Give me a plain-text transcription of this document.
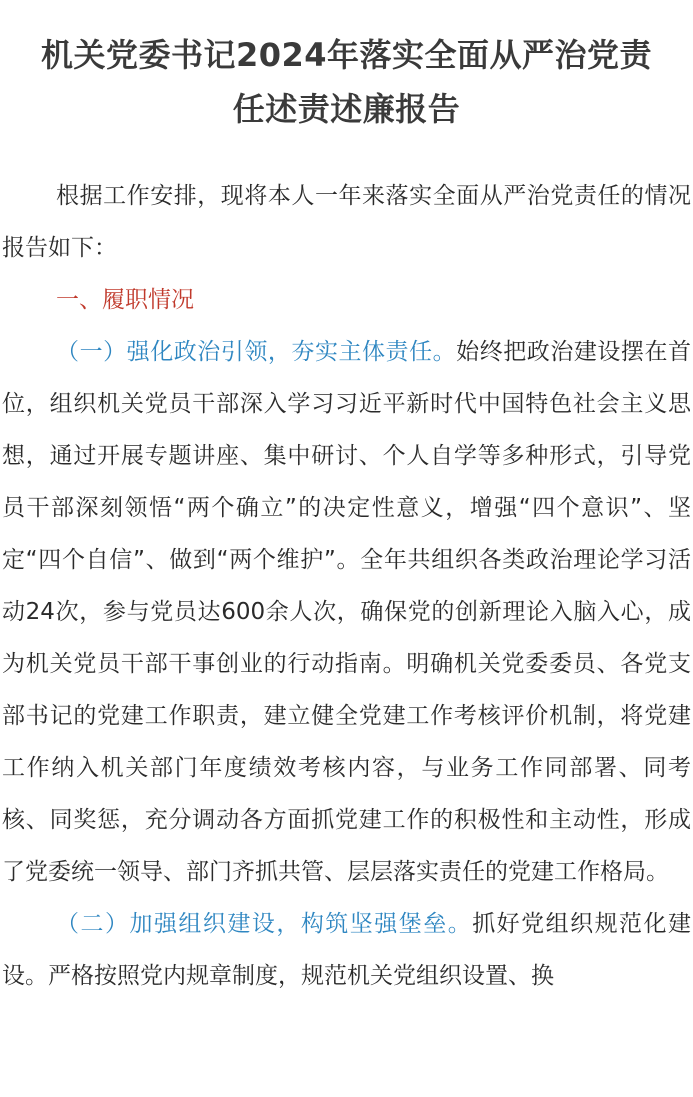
机关党委书记2024年落实全面从严治党责
任述责述廉报告

根据工作安排，现将本人一年来落实全面从严治党责任的情况报告如下：

一、履职情况

（一）强化政治引领，夯实主体责任。始终把政治建设摆在首位，组织机关党员干部深入学习习近平新时代中国特色社会主义思想，通过开展专题讲座、集中研讨、个人自学等多种形式，引导党员干部深刻领悟“两个确立”的决定性意义，增强“四个意识”、坚定“四个自信”、做到“两个维护”。全年共组织各类政治理论学习活动24次，参与党员达600余人次，确保党的创新理论入脑入心，成为机关党员干部干事创业的行动指南。明确机关党委委员、各党支部书记的党建工作职责，建立健全党建工作考核评价机制，将党建工作纳入机关部门年度绩效考核内容，与业务工作同部署、同考核、同奖惩，充分调动各方面抓党建工作的积极性和主动性，形成了党委统一领导、部门齐抓共管、层层落实责任的党建工作格局。

（二）加强组织建设，构筑坚强堡垒。抓好党组织规范化建设。严格按照党内规章制度，规范机关党组织设置、换
